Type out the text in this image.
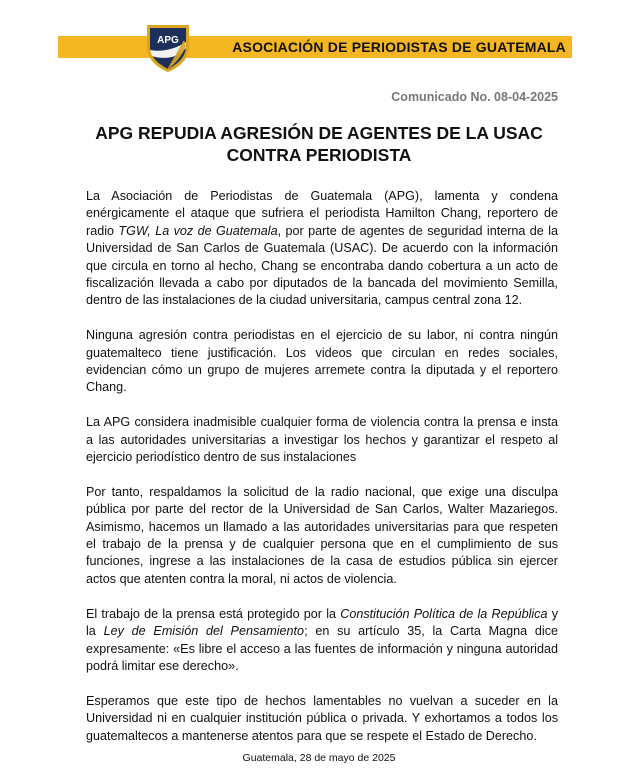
ASOCIACIÓN DE PERIODISTAS DE GUATEMALA
APG
Comunicado No. 08-04-2025
APG REPUDIA AGRESIÓN DE AGENTES DE LA USAC
CONTRA PERIODISTA

La Asociación de Periodistas de Guatemala (APG), lamenta y condena enérgicamente el ataque que sufriera el periodista Hamilton Chang, reportero de radio TGW, La voz de Guatemala, por parte de agentes de seguridad interna de la Universidad de San Carlos de Guatemala (USAC). De acuerdo con la información que circula en torno al hecho, Chang se encontraba dando cobertura a un acto de fiscalización llevada a cabo por diputados de la bancada del movimiento Semilla, dentro de las instalaciones de la ciudad universitaria, campus central zona 12.

Ninguna agresión contra periodistas en el ejercicio de su labor, ni contra ningún guatemalteco tiene justificación. Los videos que circulan en redes sociales, evidencian cómo un grupo de mujeres arremete contra la diputada y el reportero Chang.

La APG considera inadmisible cualquier forma de violencia contra la prensa e insta a las autoridades universitarias a investigar los hechos y garantizar el respeto al ejercicio periodístico dentro de sus instalaciones

Por tanto, respaldamos la solicitud de la radio nacional, que exige una disculpa pública por parte del rector de la Universidad de San Carlos, Walter Mazariegos. Asimismo, hacemos un llamado a las autoridades universitarias para que respeten el trabajo de la prensa y de cualquier persona que en el cumplimiento de sus funciones, ingrese a las instalaciones de la casa de estudios pública sin ejercer actos que atenten contra la moral, ni actos de violencia.

El trabajo de la prensa está protegido por la Constitución Política de la República y la Ley de Emisión del Pensamiento; en su artículo 35, la Carta Magna dice expresamente: «Es libre el acceso a las fuentes de información y ninguna autoridad podrá limitar ese derecho».

Esperamos que este tipo de hechos lamentables no vuelvan a suceder en la Universidad ni en cualquier institución pública o privada. Y exhortamos a todos los guatemaltecos a mantenerse atentos para que se respete el Estado de Derecho.

Guatemala, 28 de mayo de 2025
